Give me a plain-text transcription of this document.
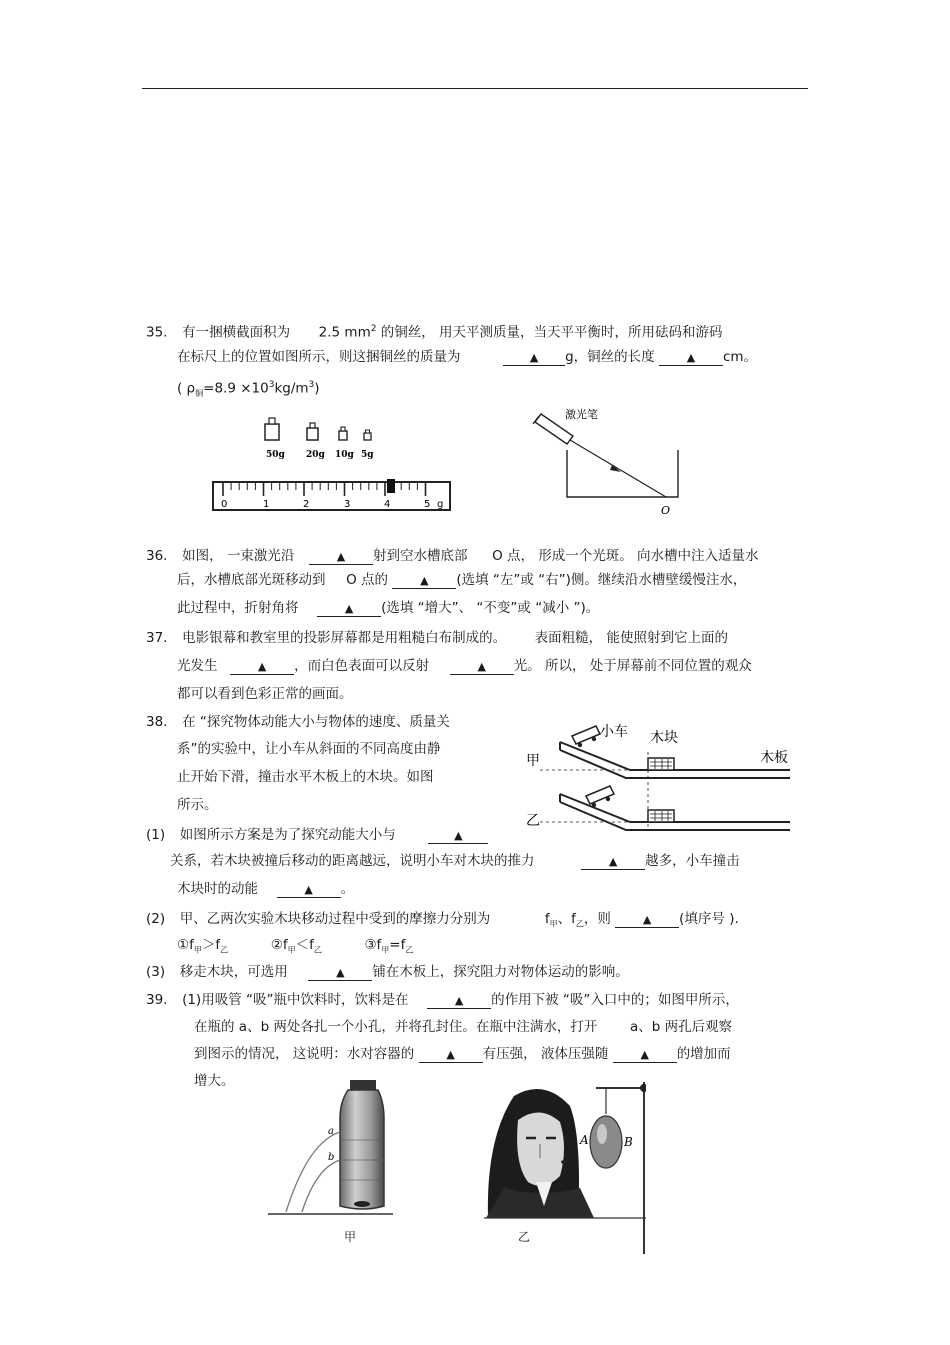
35. 有一捆横截面积为 2.5 $mm^2$ 的铜丝， 用天平测质量，当天平平衡时，所用砝码和游码
在标尺上的位置如图所示，则这捆铜丝的质量为	▲ g，铜丝的长度	▲ cm。
( $\rho_铜=8.9 \times 10^3kg/m^3$)
50g 20g 10g 5g
0	1	2	3	4	5 g
激光笔
O
36. 如图， 一束激光沿	▲ 射到空水槽底部 O 点， 形成一个光斑。 向水槽中注入适量水
后，水槽底部光斑移动到 O 点的	▲ (选填 “左”或 “右”)侧。继续沿水槽壁缓慢注水，
此过程中，折射角将	▲ (选填 “增大”、 “不变”或 “减小 ”)。
37. 电影银幕和教室里的投影屏幕都是用粗糙白布制成的。 表面粗糙， 能使照射到它上面的
光发生	▲ ，而白色表面可以反射	▲ 光。 所以， 处于屏幕前不同位置的观众
都可以看到色彩正常的画面。
38. 在 “探究物体动能大小与物体的速度、质量关
系”的实验中，让小车从斜面的不同高度由静
止开始下滑，撞击水平木板上的木块。如图
所示。
小车 木块
木板
甲
乙
(1) 如图所示方案是为了探究动能大小与	▲
关系，若木块被撞后移动的距离越远，说明小车对木块的推力	▲ 越多，小车撞击
木块时的动能	▲ 。
(2) 甲、乙两次实验木块移动过程中受到的摩擦力分别为	$f_甲$、$f_乙$，则	▲ (填序号 ).
$①f_甲>f_乙$	$②f_甲<f_乙$	$③f_甲=f_乙$
(3) 移走木块，可选用	▲ 铺在木板上，探究阻力对物体运动的影响。
39. (1)用吸管 “吸”瓶中饮料时，饮料是在	▲ 的作用下被 “吸”入口中的；如图甲所示，
在瓶的 a、b 两处各扎一个小孔，并将孔封住。在瓶中注满水，打开 a、b 两孔后观察
到图示的情况， 这说明：水对容器的	▲ 有压强， 液体压强随	▲ 的增加而
增大。
a
b
A	B
甲	乙
